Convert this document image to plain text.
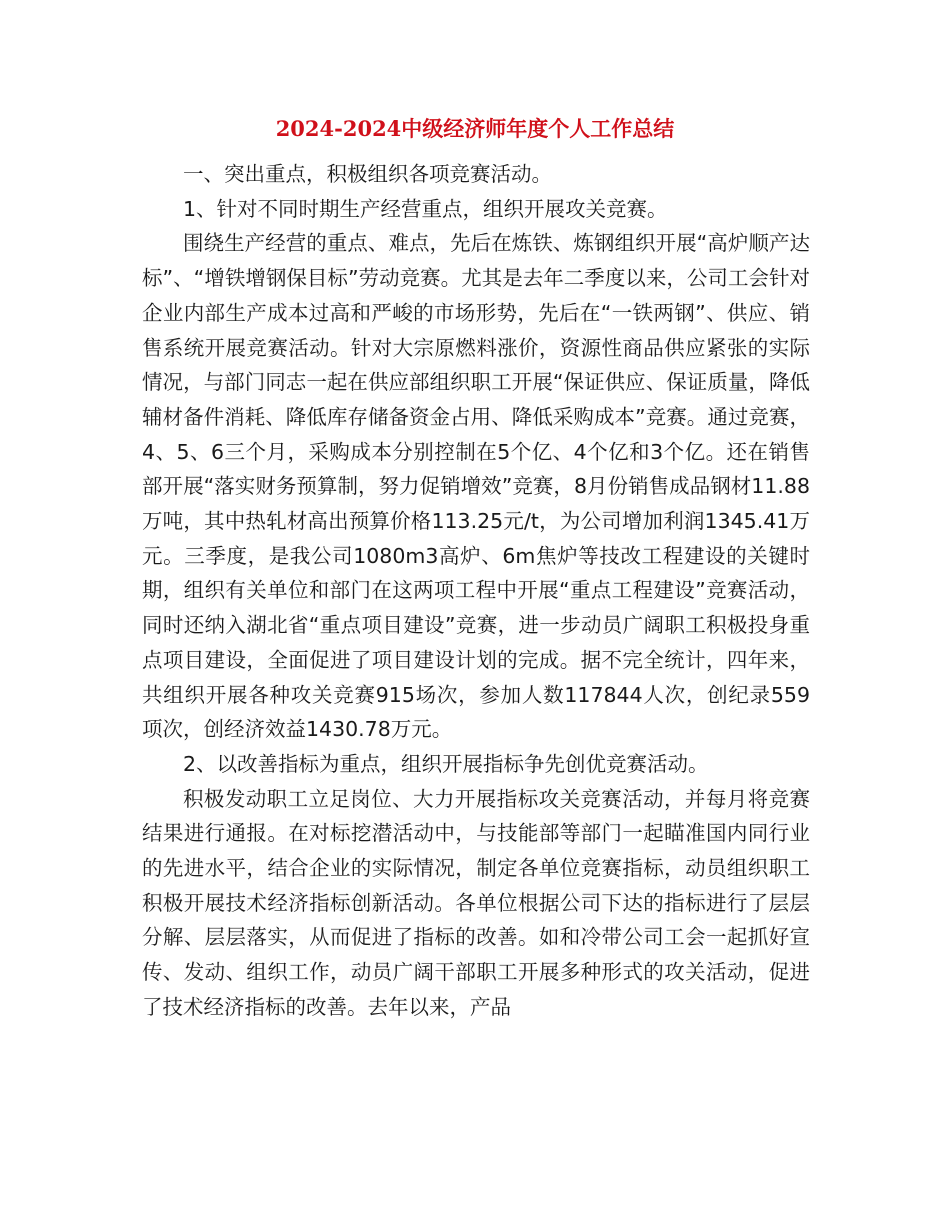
2024-2024中级经济师年度个人工作总结

一、突出重点，积极组织各项竞赛活动。

1、针对不同时期生产经营重点，组织开展攻关竞赛。

围绕生产经营的重点、难点，先后在炼铁、炼钢组织开展“高炉顺产达标”、“增铁增钢保目标”劳动竞赛。尤其是去年二季度以来，公司工会针对企业内部生产成本过高和严峻的市场形势，先后在“一铁两钢”、供应、销售系统开展竞赛活动。针对大宗原燃料涨价，资源性商品供应紧张的实际情况，与部门同志一起在供应部组织职工开展“保证供应、保证质量，降低辅材备件消耗、降低库存储备资金占用、降低采购成本”竞赛。通过竞赛，4、5、6三个月，采购成本分别控制在5个亿、4个亿和3个亿。还在销售部开展“落实财务预算制，努力促销增效”竞赛，8月份销售成品钢材11.88万吨，其中热轧材高出预算价格113.25元/t，为公司增加利润1345.41万元。三季度，是我公司1080m3高炉、6m焦炉等技改工程建设的关键时期，组织有关单位和部门在这两项工程中开展“重点工程建设”竞赛活动，同时还纳入湖北省“重点项目建设”竞赛，进一步动员广阔职工积极投身重点项目建设，全面促进了项目建设计划的完成。据不完全统计，四年来，共组织开展各种攻关竞赛915场次，参加人数117844人次，创纪录559项次，创经济效益1430.78万元。

2、以改善指标为重点，组织开展指标争先创优竞赛活动。

积极发动职工立足岗位、大力开展指标攻关竞赛活动，并每月将竞赛结果进行通报。在对标挖潜活动中，与技能部等部门一起瞄准国内同行业的先进水平，结合企业的实际情况，制定各单位竞赛指标，动员组织职工积极开展技术经济指标创新活动。各单位根据公司下达的指标进行了层层分解、层层落实，从而促进了指标的改善。如和冷带公司工会一起抓好宣传、发动、组织工作，动员广阔干部职工开展多种形式的攻关活动，促进了技术经济指标的改善。去年以来，产品
